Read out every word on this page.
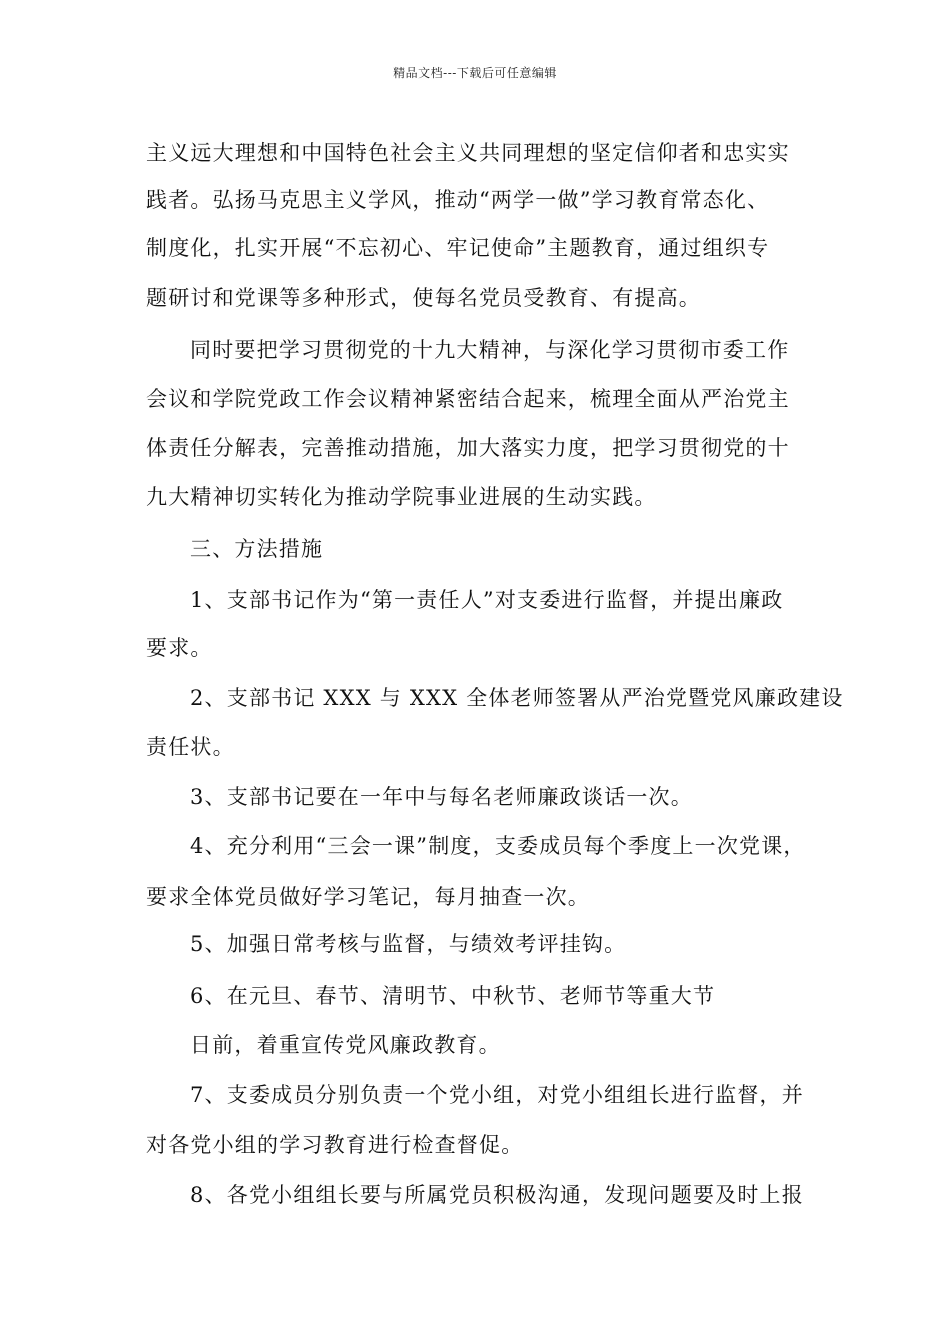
精品文档---下载后可任意编辑
主义远大理想和中国特色社会主义共同理想的坚定信仰者和忠实实
践者。弘扬马克思主义学风，推动“两学一做”学习教育常态化、
制度化，扎实开展“不忘初心、牢记使命”主题教育，通过组织专
题研讨和党课等多种形式，使每名党员受教育、有提高。
同时要把学习贯彻党的十九大精神，与深化学习贯彻市委工作
会议和学院党政工作会议精神紧密结合起来，梳理全面从严治党主
体责任分解表，完善推动措施，加大落实力度，把学习贯彻党的十
九大精神切实转化为推动学院事业进展的生动实践。
三、方法措施
1、支部书记作为“第一责任人”对支委进行监督，并提出廉政
要求。
2、支部书记 XXX 与 XXX 全体老师签署从严治党暨党风廉政建设
责任状。
3、支部书记要在一年中与每名老师廉政谈话一次。
4、充分利用“三会一课”制度，支委成员每个季度上一次党课，
要求全体党员做好学习笔记，每月抽查一次。
5、加强日常考核与监督，与绩效考评挂钩。
6、在元旦、春节、清明节、中秋节、老师节等重大节
日前，着重宣传党风廉政教育。
7、支委成员分别负责一个党小组，对党小组组长进行监督，并
对各党小组的学习教育进行检查督促。
8、各党小组组长要与所属党员积极沟通，发现问题要及时上报
